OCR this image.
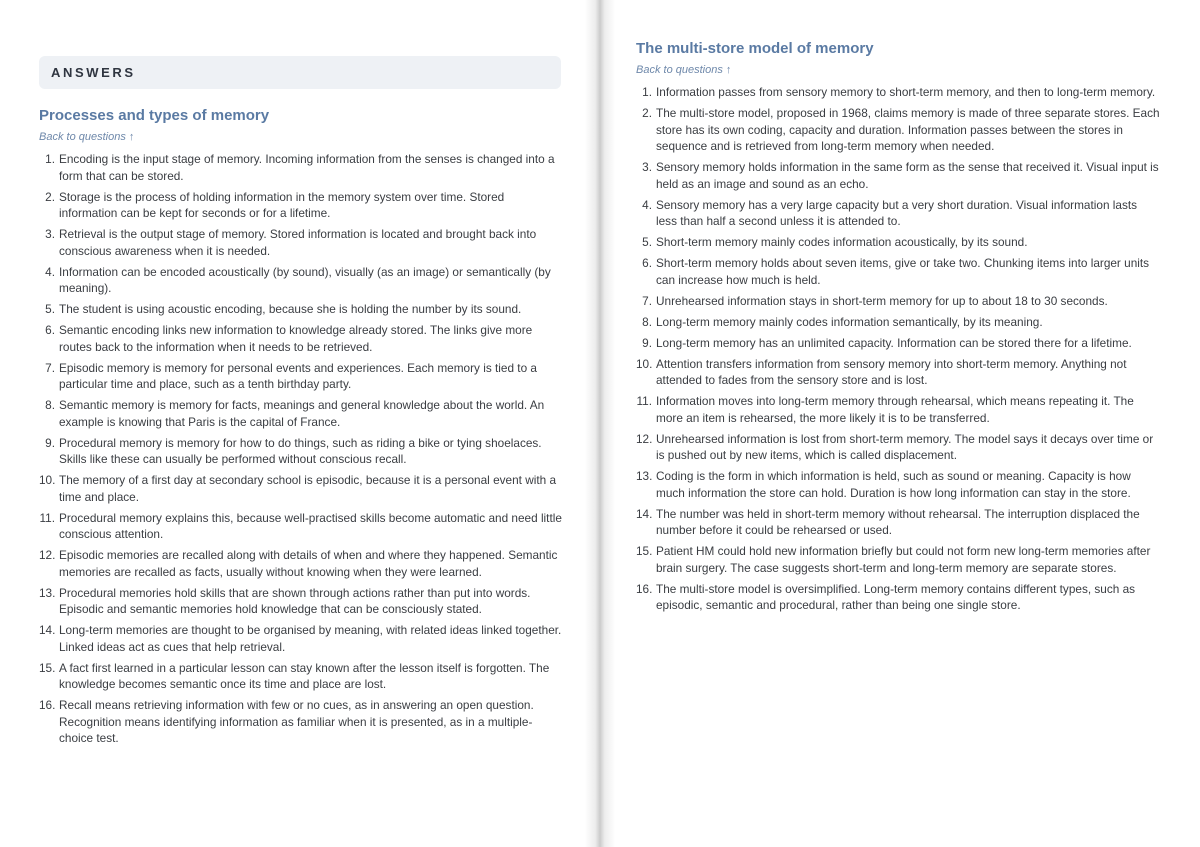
ANSWERS
Processes and types of memory
Back to questions ↑
1. Encoding is the input stage of memory. Incoming information from the senses is changed into a form that can be stored.
2. Storage is the process of holding information in the memory system over time. Stored information can be kept for seconds or for a lifetime.
3. Retrieval is the output stage of memory. Stored information is located and brought back into conscious awareness when it is needed.
4. Information can be encoded acoustically (by sound), visually (as an image) or semantically (by meaning).
5. The student is using acoustic encoding, because she is holding the number by its sound.
6. Semantic encoding links new information to knowledge already stored. The links give more routes back to the information when it needs to be retrieved.
7. Episodic memory is memory for personal events and experiences. Each memory is tied to a particular time and place, such as a tenth birthday party.
8. Semantic memory is memory for facts, meanings and general knowledge about the world. An example is knowing that Paris is the capital of France.
9. Procedural memory is memory for how to do things, such as riding a bike or tying shoelaces. Skills like these can usually be performed without conscious recall.
10. The memory of a first day at secondary school is episodic, because it is a personal event with a time and place.
11. Procedural memory explains this, because well-practised skills become automatic and need little conscious attention.
12. Episodic memories are recalled along with details of when and where they happened. Semantic memories are recalled as facts, usually without knowing when they were learned.
13. Procedural memories hold skills that are shown through actions rather than put into words. Episodic and semantic memories hold knowledge that can be consciously stated.
14. Long-term memories are thought to be organised by meaning, with related ideas linked together. Linked ideas act as cues that help retrieval.
15. A fact first learned in a particular lesson can stay known after the lesson itself is forgotten. The knowledge becomes semantic once its time and place are lost.
16. Recall means retrieving information with few or no cues, as in answering an open question. Recognition means identifying information as familiar when it is presented, as in a multiple-choice test.
The multi-store model of memory
Back to questions ↑
1. Information passes from sensory memory to short-term memory, and then to long-term memory.
2. The multi-store model, proposed in 1968, claims memory is made of three separate stores. Each store has its own coding, capacity and duration. Information passes between the stores in sequence and is retrieved from long-term memory when needed.
3. Sensory memory holds information in the same form as the sense that received it. Visual input is held as an image and sound as an echo.
4. Sensory memory has a very large capacity but a very short duration. Visual information lasts less than half a second unless it is attended to.
5. Short-term memory mainly codes information acoustically, by its sound.
6. Short-term memory holds about seven items, give or take two. Chunking items into larger units can increase how much is held.
7. Unrehearsed information stays in short-term memory for up to about 18 to 30 seconds.
8. Long-term memory mainly codes information semantically, by its meaning.
9. Long-term memory has an unlimited capacity. Information can be stored there for a lifetime.
10. Attention transfers information from sensory memory into short-term memory. Anything not attended to fades from the sensory store and is lost.
11. Information moves into long-term memory through rehearsal, which means repeating it. The more an item is rehearsed, the more likely it is to be transferred.
12. Unrehearsed information is lost from short-term memory. The model says it decays over time or is pushed out by new items, which is called displacement.
13. Coding is the form in which information is held, such as sound or meaning. Capacity is how much information the store can hold. Duration is how long information can stay in the store.
14. The number was held in short-term memory without rehearsal. The interruption displaced the number before it could be rehearsed or used.
15. Patient HM could hold new information briefly but could not form new long-term memories after brain surgery. The case suggests short-term and long-term memory are separate stores.
16. The multi-store model is oversimplified. Long-term memory contains different types, such as episodic, semantic and procedural, rather than being one single store.
